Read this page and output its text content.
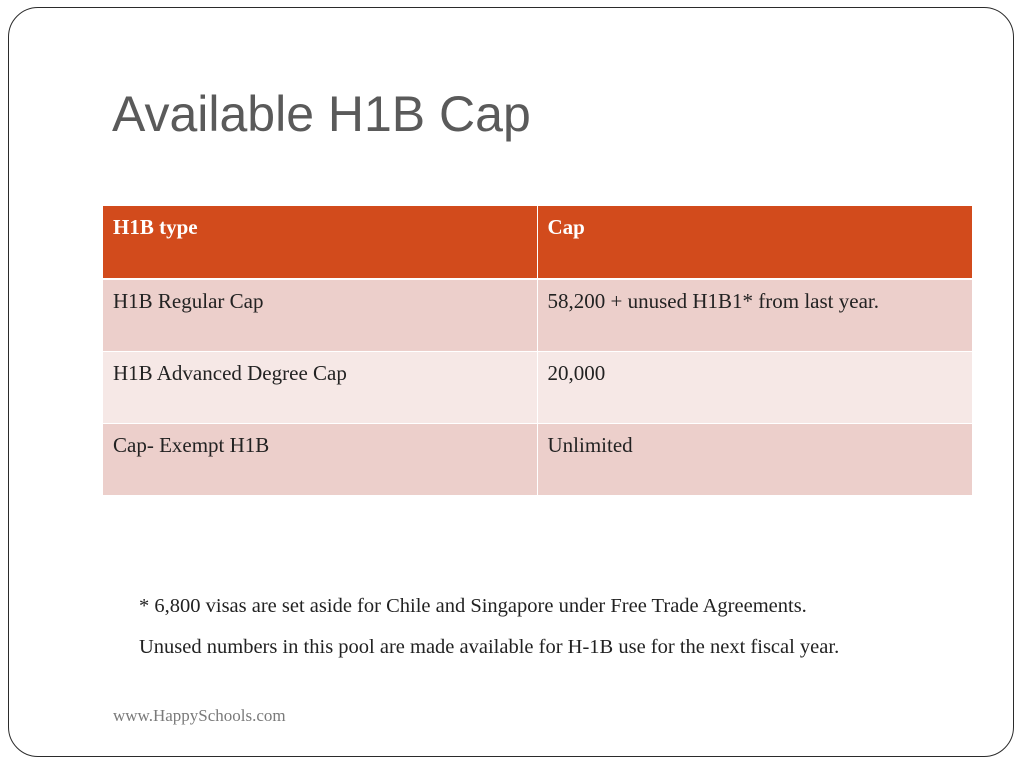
Available H1B Cap
H1B type	Cap
H1B Regular Cap	58,200 + unused H1B1* from last year.
H1B Advanced Degree Cap	20,000
Cap- Exempt H1B	Unlimited

* 6,800 visas are set aside for Chile and Singapore under Free Trade Agreements.

Unused numbers in this pool are made available for H-1B use for the next fiscal year.

www.HappySchools.com
